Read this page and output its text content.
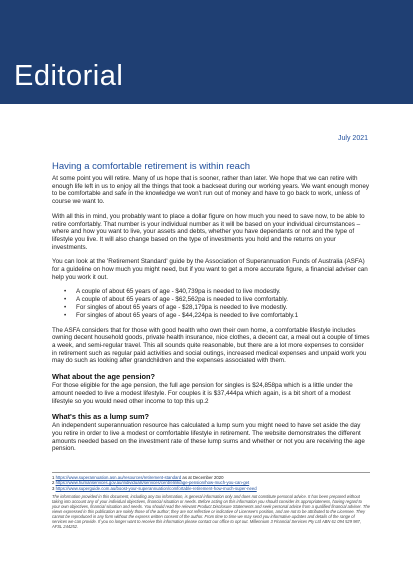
Editorial
July 2021
Having a comfortable retirement is within reach

At some point you will retire. Many of us hope that is sooner, rather than later. We hope that we can retire with enough life left in us to enjoy all the things that took a backseat during our working years. We want enough money to be comfortable and safe in the knowledge we won't run out of money and have to go back to work, unless of course we want to.

With all this in mind, you probably want to place a dollar figure on how much you need to save now, to be able to retire comfortably. That number is your individual number as it will be based on your individual circumstances – where and how you want to live, your assets and debts, whether you have dependants or not and the type of lifestyle you live. It will also change based on the type of investments you hold and the returns on your investments.

You can look at the 'Retirement Standard' guide by the Association of Superannuation Funds of Australia (ASFA) for a guideline on how much you might need, but if you want to get a more accurate figure, a financial adviser can help you work it out.

• A couple of about 65 years of age - $40,739pa is needed to live modestly.
• A couple of about 65 years of age - $62,562pa is needed to live comfortably.
• For singles of about 65 years of age - $28,179pa is needed to live modestly.
• For singles of about 65 years of age - $44,224pa is needed to live comfortably.1

The ASFA considers that for those with good health who own their own home, a comfortable lifestyle includes owning decent household goods, private health insurance, nice clothes, a decent car, a meal out a couple of times a week, and semi-regular travel. This all sounds quite reasonable, but there are a lot more expenses to consider in retirement such as regular paid activities and social outings, increased medical expenses and unpaid work you may do such as looking after grandchildren and the expenses associated with them.

What about the age pension?

For those eligible for the age pension, the full age pension for singles is $24,858pa which is a little under the amount needed to live a modest lifestyle. For couples it is $37,444pa which again, is a bit short of a modest lifestyle so you would need other income to top this up.2

What's this as a lump sum?

An independent superannuation resource has calculated a lump sum you might need to have set aside the day you retire in order to live a modest or comfortable lifestyle in retirement. The website demonstrates the different amounts needed based on the investment rate of these lump sums and whether or not you are receiving the age pension.

1 https://www.superannuation.asn.au/resources/retirement-standard as at December 2020
2 https://www.humanservices.gov.au/individuals/services/centrelink/age-pension/how-much-you-can-get
3 https://www.superguide.com.au/boost-your-superannuation/comfortable-retirement-how-much-super-need
The information provided in this document, including any tax information, is general information only and does not constitute personal advice. It has been prepared without taking into account any of your individual objectives, financial situation or needs. Before acting on this information you should consider its appropriateness, having regard to your own objectives, financial situation and needs. You should read the relevant Product Disclosure Statements and seek personal advice from a qualified financial adviser. The views expressed in this publication are solely those of the author; they are not reflective or indicative of Licensee's position, and are not to be attributed to the Licensee. They cannot be reproduced in any form without the express written consent of the author. From time to time we may send you informative updates and details of the range of services we can provide. If you no longer want to receive this information please contact our office to opt out. Millennium 3 Financial Services Pty Ltd ABN 61 094 529 987, AFSL 244252.
